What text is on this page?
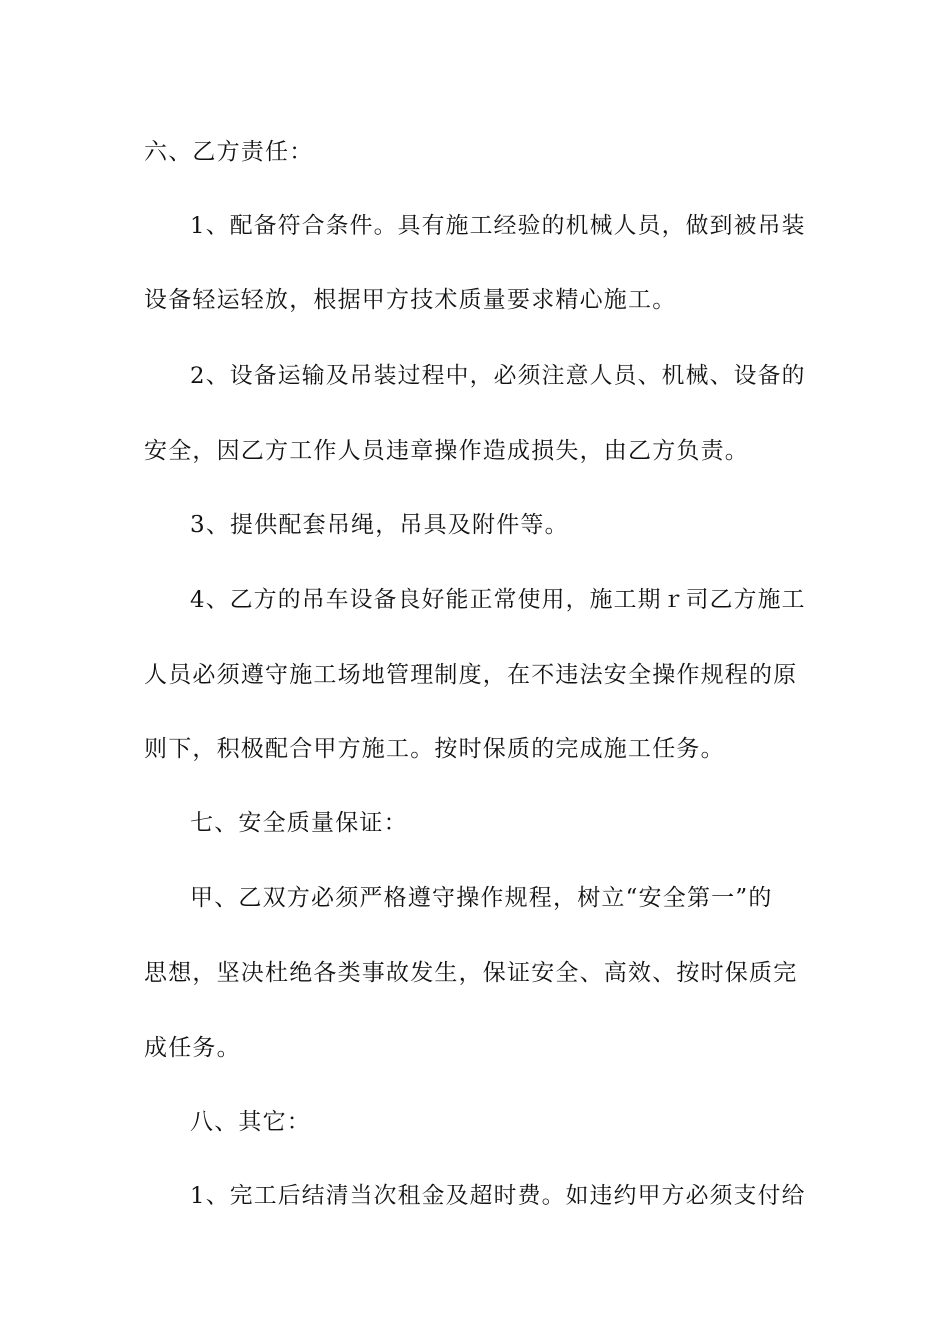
六、乙方责任：

1、配备符合条件。具有施工经验的机械人员，做到被吊装

设备轻运轻放，根据甲方技术质量要求精心施工。

2、设备运输及吊装过程中，必须注意人员、机械、设备的

安全，因乙方工作人员违章操作造成损失，由乙方负责。

3、提供配套吊绳，吊具及附件等。

4、乙方的吊车设备良好能正常使用，施工期ｒ司乙方施工

人员必须遵守施工场地管理制度，在不违法安全操作规程的原

则下，积极配合甲方施工。按时保质的完成施工任务。

七、安全质量保证：

甲、乙双方必须严格遵守操作规程，树立“安全第一”的

思想，坚决杜绝各类事故发生，保证安全、高效、按时保质完

成任务。

八、其它：

1、完工后结清当次租金及超时费。如违约甲方必须支付给
